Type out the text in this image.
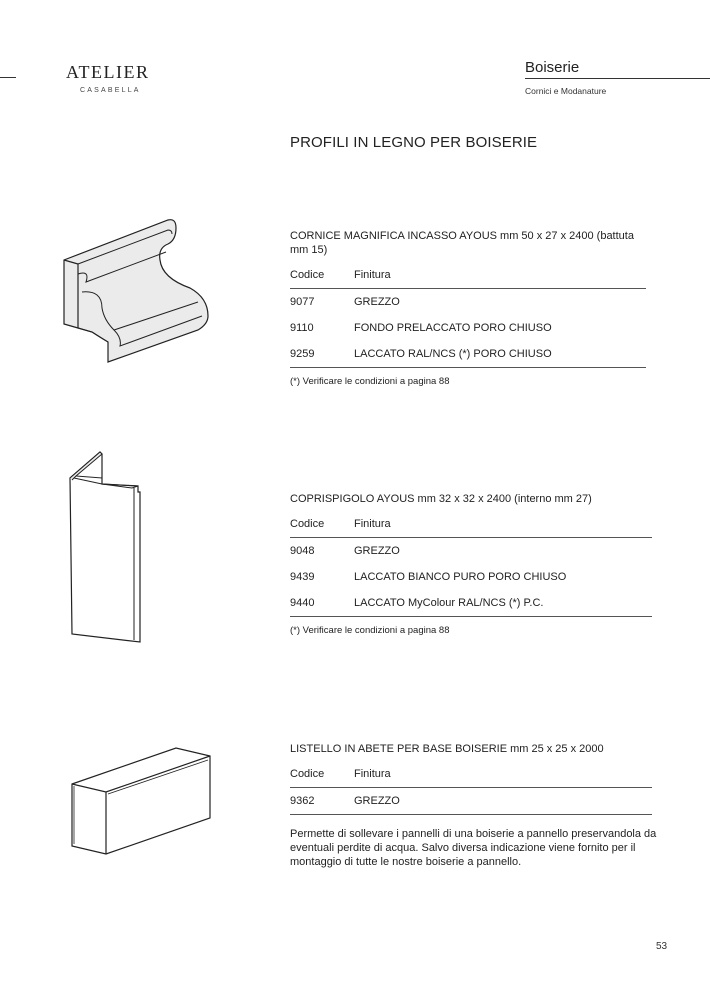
ATELIER
CASABELLA
Boiserie
Cornici e Modanature
PROFILI IN LEGNO PER BOISERIE
CORNICE MAGNIFICA INCASSO AYOUS mm 50 x 27 x 2400 (battuta mm 15)
Codice	Finitura
9077	GREZZO
9110	FONDO PRELACCATO PORO CHIUSO
9259	LACCATO RAL/NCS (*) PORO CHIUSO
(*) Verificare le condizioni a pagina 88
COPRISPIGOLO AYOUS mm 32 x 32 x 2400 (interno mm 27)
Codice	Finitura
9048	GREZZO
9439	LACCATO BIANCO PURO PORO CHIUSO
9440	LACCATO MyColour RAL/NCS (*) P.C.
(*) Verificare le condizioni a pagina 88
LISTELLO IN ABETE PER BASE BOISERIE mm 25 x 25 x 2000
Codice	Finitura
9362	GREZZO
Permette di sollevare i pannelli di una boiserie a pannello preservandola da eventuali perdite di acqua. Salvo diversa indicazione viene fornito per il montaggio di tutte le nostre boiserie a pannello.
53
